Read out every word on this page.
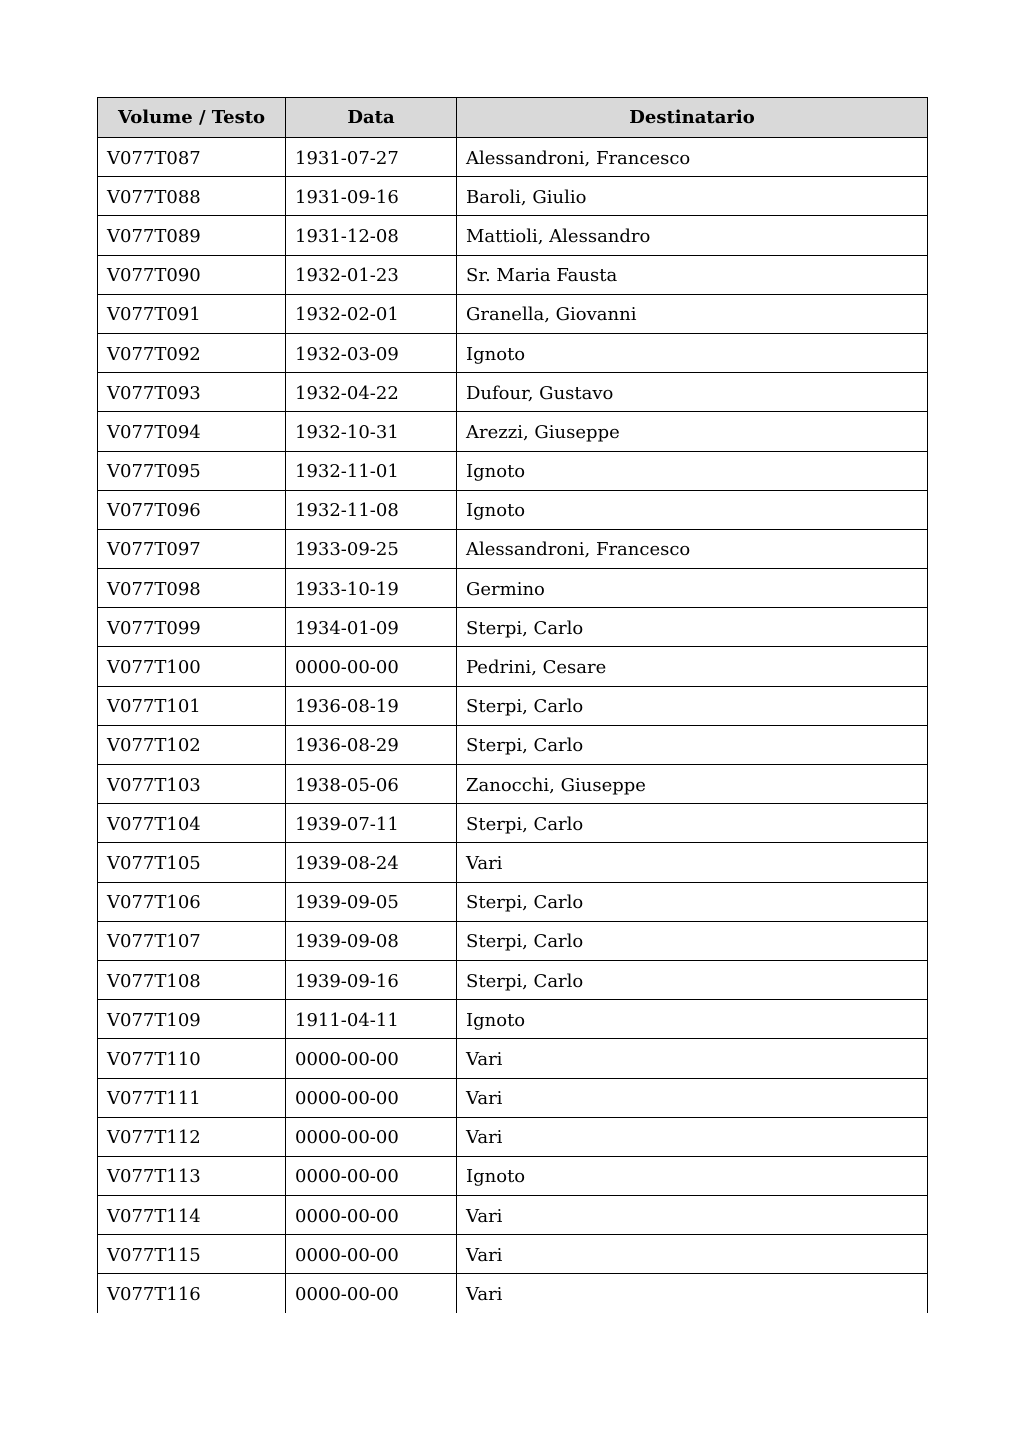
Volume / Testo	Data	Destinatario
V077T087	1931-07-27	Alessandroni, Francesco
V077T088	1931-09-16	Baroli, Giulio
V077T089	1931-12-08	Mattioli, Alessandro
V077T090	1932-01-23	Sr. Maria Fausta
V077T091	1932-02-01	Granella, Giovanni
V077T092	1932-03-09	Ignoto
V077T093	1932-04-22	Dufour, Gustavo
V077T094	1932-10-31	Arezzi, Giuseppe
V077T095	1932-11-01	Ignoto
V077T096	1932-11-08	Ignoto
V077T097	1933-09-25	Alessandroni, Francesco
V077T098	1933-10-19	Germino
V077T099	1934-01-09	Sterpi, Carlo
V077T100	0000-00-00	Pedrini, Cesare
V077T101	1936-08-19	Sterpi, Carlo
V077T102	1936-08-29	Sterpi, Carlo
V077T103	1938-05-06	Zanocchi, Giuseppe
V077T104	1939-07-11	Sterpi, Carlo
V077T105	1939-08-24	Vari
V077T106	1939-09-05	Sterpi, Carlo
V077T107	1939-09-08	Sterpi, Carlo
V077T108	1939-09-16	Sterpi, Carlo
V077T109	1911-04-11	Ignoto
V077T110	0000-00-00	Vari
V077T111	0000-00-00	Vari
V077T112	0000-00-00	Vari
V077T113	0000-00-00	Ignoto
V077T114	0000-00-00	Vari
V077T115	0000-00-00	Vari
V077T116	0000-00-00	Vari
